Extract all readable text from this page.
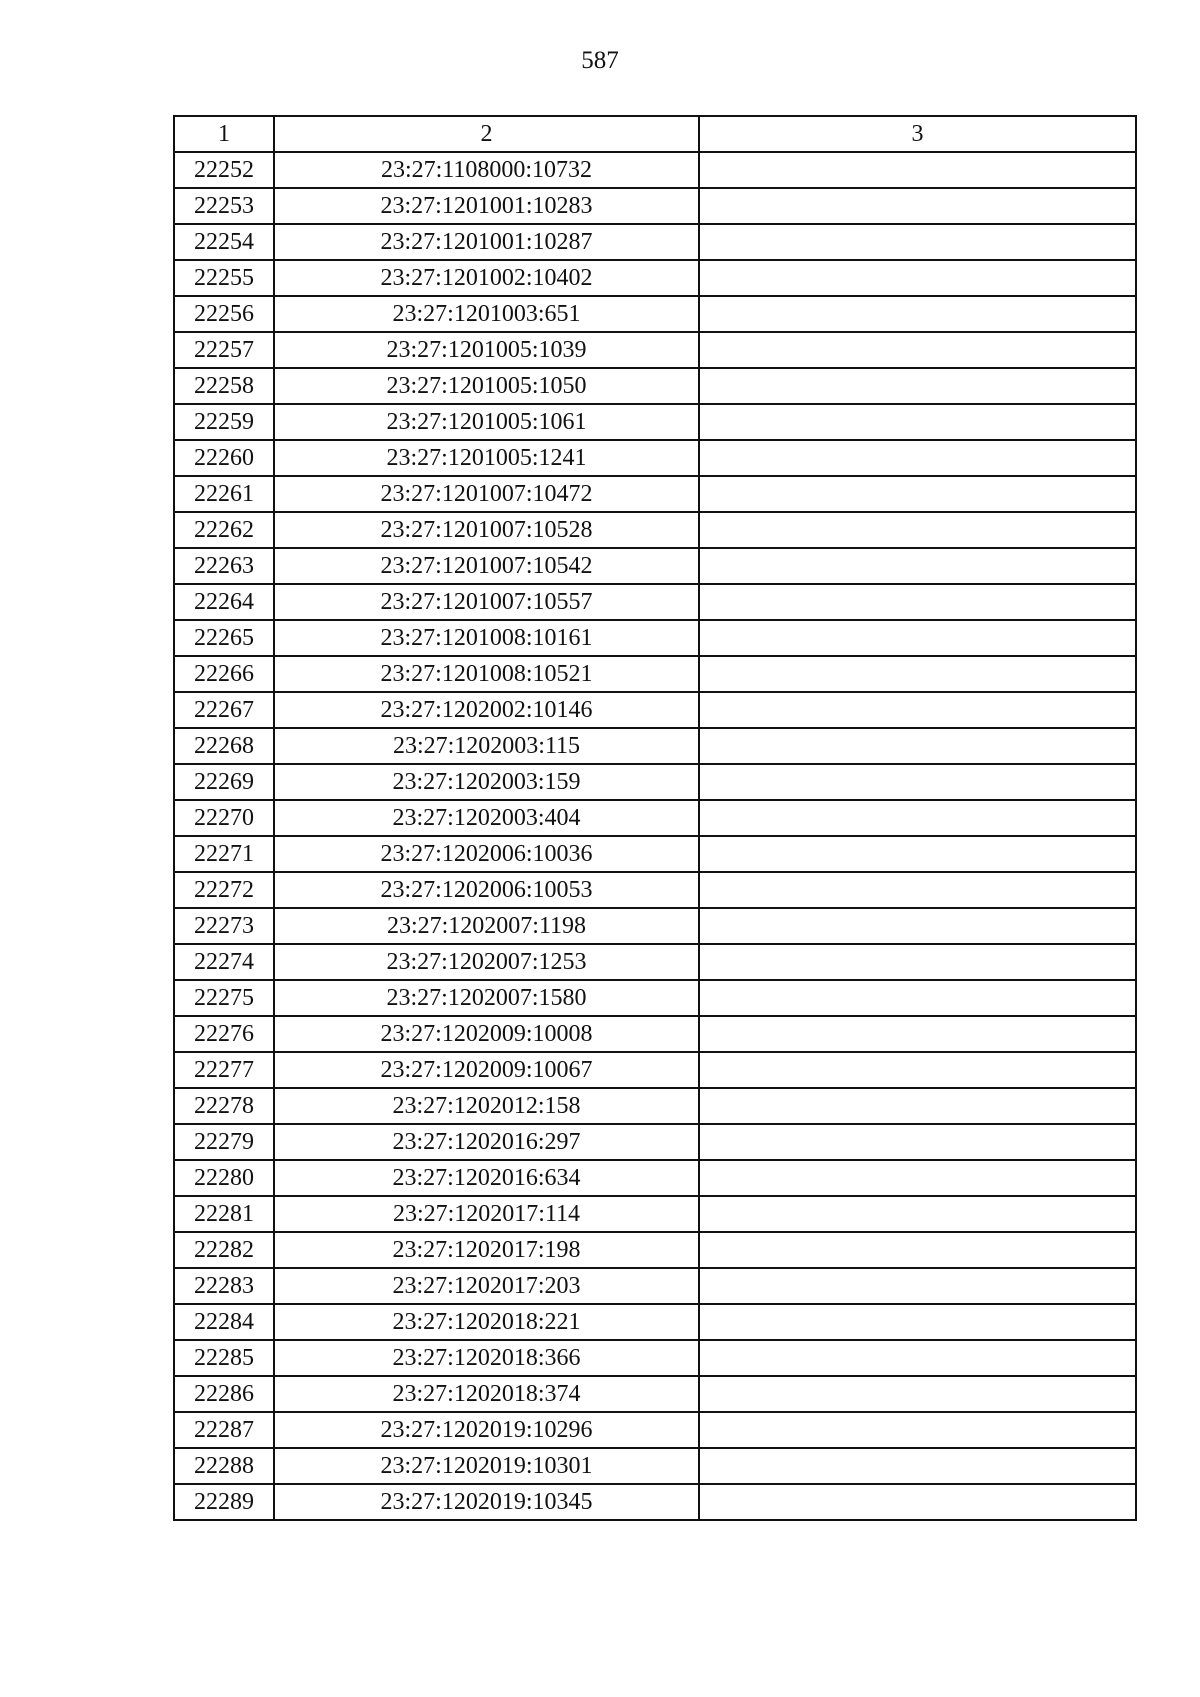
587
1	2	3
22252	23:27:1108000:10732	
22253	23:27:1201001:10283	
22254	23:27:1201001:10287	
22255	23:27:1201002:10402	
22256	23:27:1201003:651	
22257	23:27:1201005:1039	
22258	23:27:1201005:1050	
22259	23:27:1201005:1061	
22260	23:27:1201005:1241	
22261	23:27:1201007:10472	
22262	23:27:1201007:10528	
22263	23:27:1201007:10542	
22264	23:27:1201007:10557	
22265	23:27:1201008:10161	
22266	23:27:1201008:10521	
22267	23:27:1202002:10146	
22268	23:27:1202003:115	
22269	23:27:1202003:159	
22270	23:27:1202003:404	
22271	23:27:1202006:10036	
22272	23:27:1202006:10053	
22273	23:27:1202007:1198	
22274	23:27:1202007:1253	
22275	23:27:1202007:1580	
22276	23:27:1202009:10008	
22277	23:27:1202009:10067	
22278	23:27:1202012:158	
22279	23:27:1202016:297	
22280	23:27:1202016:634	
22281	23:27:1202017:114	
22282	23:27:1202017:198	
22283	23:27:1202017:203	
22284	23:27:1202018:221	
22285	23:27:1202018:366	
22286	23:27:1202018:374	
22287	23:27:1202019:10296	
22288	23:27:1202019:10301	
22289	23:27:1202019:10345	
